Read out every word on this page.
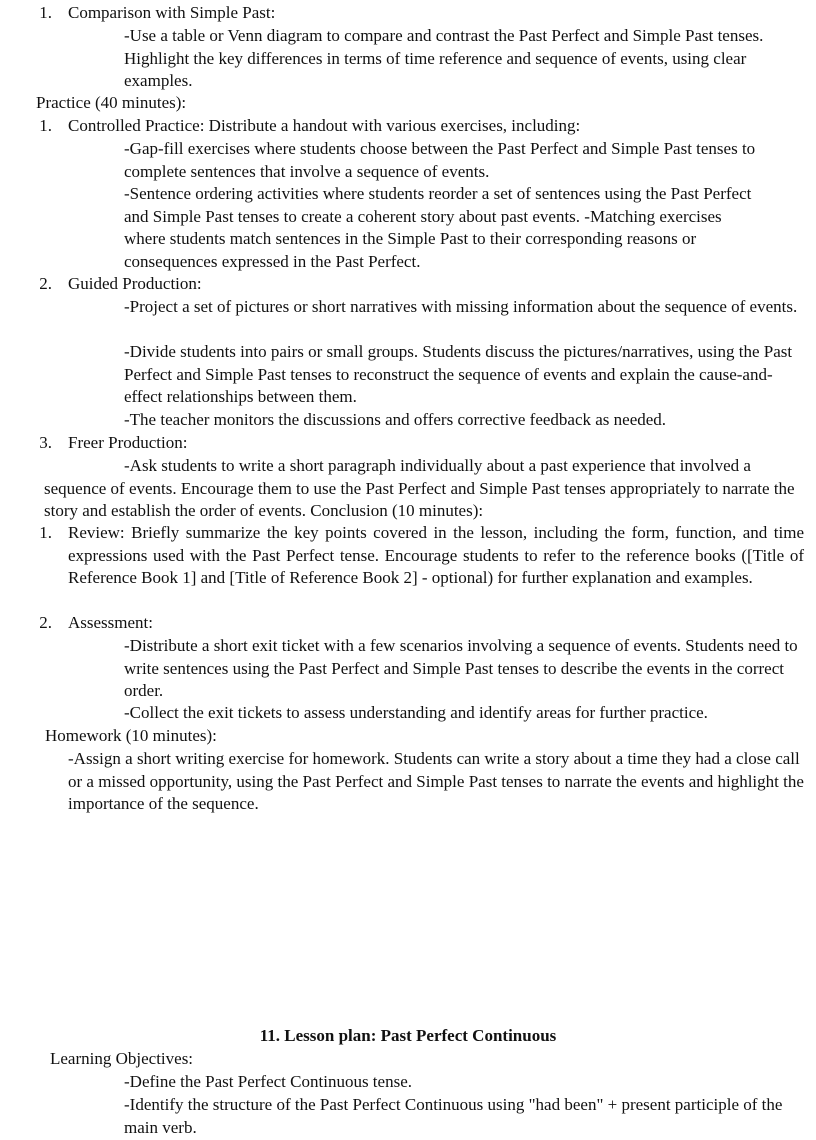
1. Comparison with Simple Past:

-Use a table or Venn diagram to compare and contrast the Past Perfect and Simple Past tenses. Highlight the key differences in terms of time reference and sequence of events, using clear examples.

Practice (40 minutes):

1. Controlled Practice: Distribute a handout with various exercises, including:

-Gap-fill exercises where students choose between the Past Perfect and Simple Past tenses to complete sentences that involve a sequence of events.

-Sentence ordering activities where students reorder a set of sentences using the Past Perfect and Simple Past tenses to create a coherent story about past events. -Matching exercises where students match sentences in the Simple Past to their corresponding reasons or consequences expressed in the Past Perfect.

2. Guided Production:

-Project a set of pictures or short narratives with missing information about the sequence of events.

-Divide students into pairs or small groups. Students discuss the pictures/narratives, using the Past Perfect and Simple Past tenses to reconstruct the sequence of events and explain the cause-and-effect relationships between them.

-The teacher monitors the discussions and offers corrective feedback as needed.

3. Freer Production:

-Ask students to write a short paragraph individually about a past experience that involved a sequence of events. Encourage them to use the Past Perfect and Simple Past tenses appropriately to narrate the story and establish the order of events. Conclusion (10 minutes):

1. Review: Briefly summarize the key points covered in the lesson, including the form, function, and time expressions used with the Past Perfect tense. Encourage students to refer to the reference books ([Title of Reference Book 1] and [Title of Reference Book 2] - optional) for further explanation and examples.

2. Assessment:

-Distribute a short exit ticket with a few scenarios involving a sequence of events. Students need to write sentences using the Past Perfect and Simple Past tenses to describe the events in the correct order.

-Collect the exit tickets to assess understanding and identify areas for further practice.

Homework (10 minutes):

-Assign a short writing exercise for homework. Students can write a story about a time they had a close call or a missed opportunity, using the Past Perfect and Simple Past tenses to narrate the events and highlight the importance of the sequence.

11. Lesson plan: Past Perfect Continuous

Learning Objectives:

-Define the Past Perfect Continuous tense.

-Identify the structure of the Past Perfect Continuous using "had been" + present participle of the main verb.
